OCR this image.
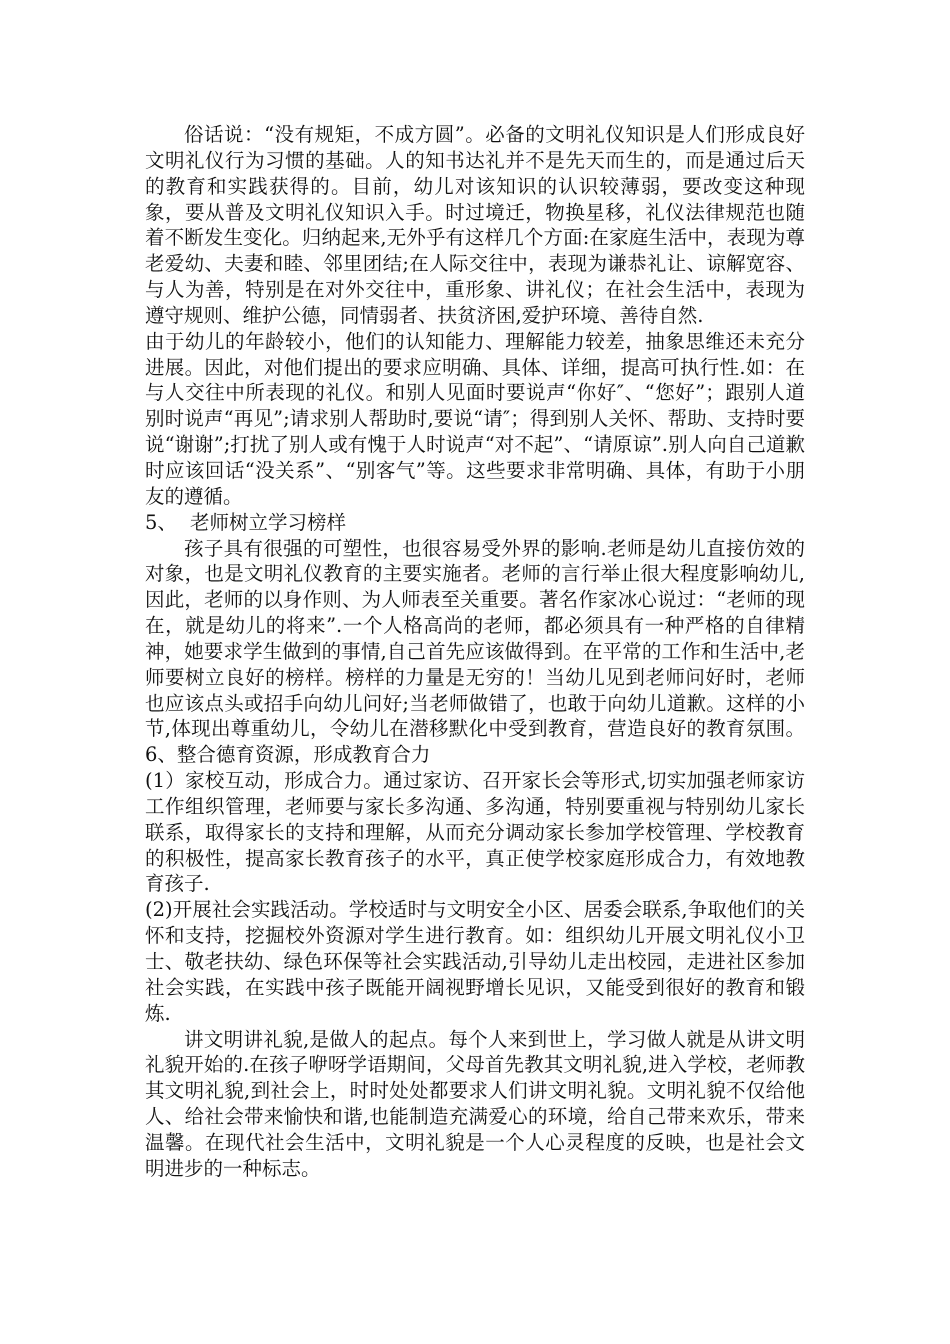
俗话说：“没有规矩，不成方圆”。必备的文明礼仪知识是人们形成良好文明礼仪行为习惯的基础。人的知书达礼并不是先天而生的，而是通过后天的教育和实践获得的。目前，幼儿对该知识的认识较薄弱，要改变这种现象，要从普及文明礼仪知识入手。时过境迁，物换星移，礼仪法律规范也随着不断发生变化。归纳起来,无外乎有这样几个方面:在家庭生活中，表现为尊老爱幼、夫妻和睦、邻里团结;在人际交往中，表现为谦恭礼让、谅解宽容、与人为善，特别是在对外交往中，重形象、讲礼仪；在社会生活中，表现为遵守规则、维护公德，同情弱者、扶贫济困,爱护环境、善待自然.

由于幼儿的年龄较小，他们的认知能力、理解能力较差，抽象思维还未充分进展。因此，对他们提出的要求应明确、具体、详细，提高可执行性.如：在与人交往中所表现的礼仪。和别人见面时要说声“你好″、“您好”；跟别人道别时说声“再见”;请求别人帮助时,要说“请″；得到别人关怀、帮助、支持时要说“谢谢”;打扰了别人或有愧于人时说声“对不起”、“请原谅”.别人向自己道歉时应该回话“没关系”、“别客气”等。这些要求非常明确、具体，有助于小朋友的遵循。

5、 老师树立学习榜样

孩子具有很强的可塑性，也很容易受外界的影响.老师是幼儿直接仿效的对象，也是文明礼仪教育的主要实施者。老师的言行举止很大程度影响幼儿,因此，老师的以身作则、为人师表至关重要。著名作家冰心说过：“老师的现在，就是幼儿的将来”.一个人格高尚的老师，都必须具有一种严格的自律精神，她要求学生做到的事情,自己首先应该做得到。在平常的工作和生活中,老师要树立良好的榜样。榜样的力量是无穷的！当幼儿见到老师问好时，老师也应该点头或招手向幼儿问好;当老师做错了，也敢于向幼儿道歉。这样的小节,体现出尊重幼儿，令幼儿在潜移默化中受到教育，营造良好的教育氛围。 6、整合德育资源，形成教育合力

(1）家校互动，形成合力。通过家访、召开家长会等形式,切实加强老师家访工作组织管理，老师要与家长多沟通、多沟通，特别要重视与特别幼儿家长联系，取得家长的支持和理解，从而充分调动家长参加学校管理、学校教育的积极性，提高家长教育孩子的水平，真正使学校家庭形成合力，有效地教育孩子.

(2)开展社会实践活动。学校适时与文明安全小区、居委会联系,争取他们的关怀和支持，挖掘校外资源对学生进行教育。如：组织幼儿开展文明礼仪小卫士、敬老扶幼、绿色环保等社会实践活动,引导幼儿走出校园，走进社区参加社会实践，在实践中孩子既能开阔视野增长见识，又能受到很好的教育和锻炼.

讲文明讲礼貌,是做人的起点。每个人来到世上，学习做人就是从讲文明礼貌开始的.在孩子咿呀学语期间，父母首先教其文明礼貌,进入学校，老师教其文明礼貌,到社会上，时时处处都要求人们讲文明礼貌。文明礼貌不仅给他人、给社会带来愉快和谐,也能制造充满爱心的环境，给自己带来欢乐，带来温馨。在现代社会生活中，文明礼貌是一个人心灵程度的反映，也是社会文明进步的一种标志。
